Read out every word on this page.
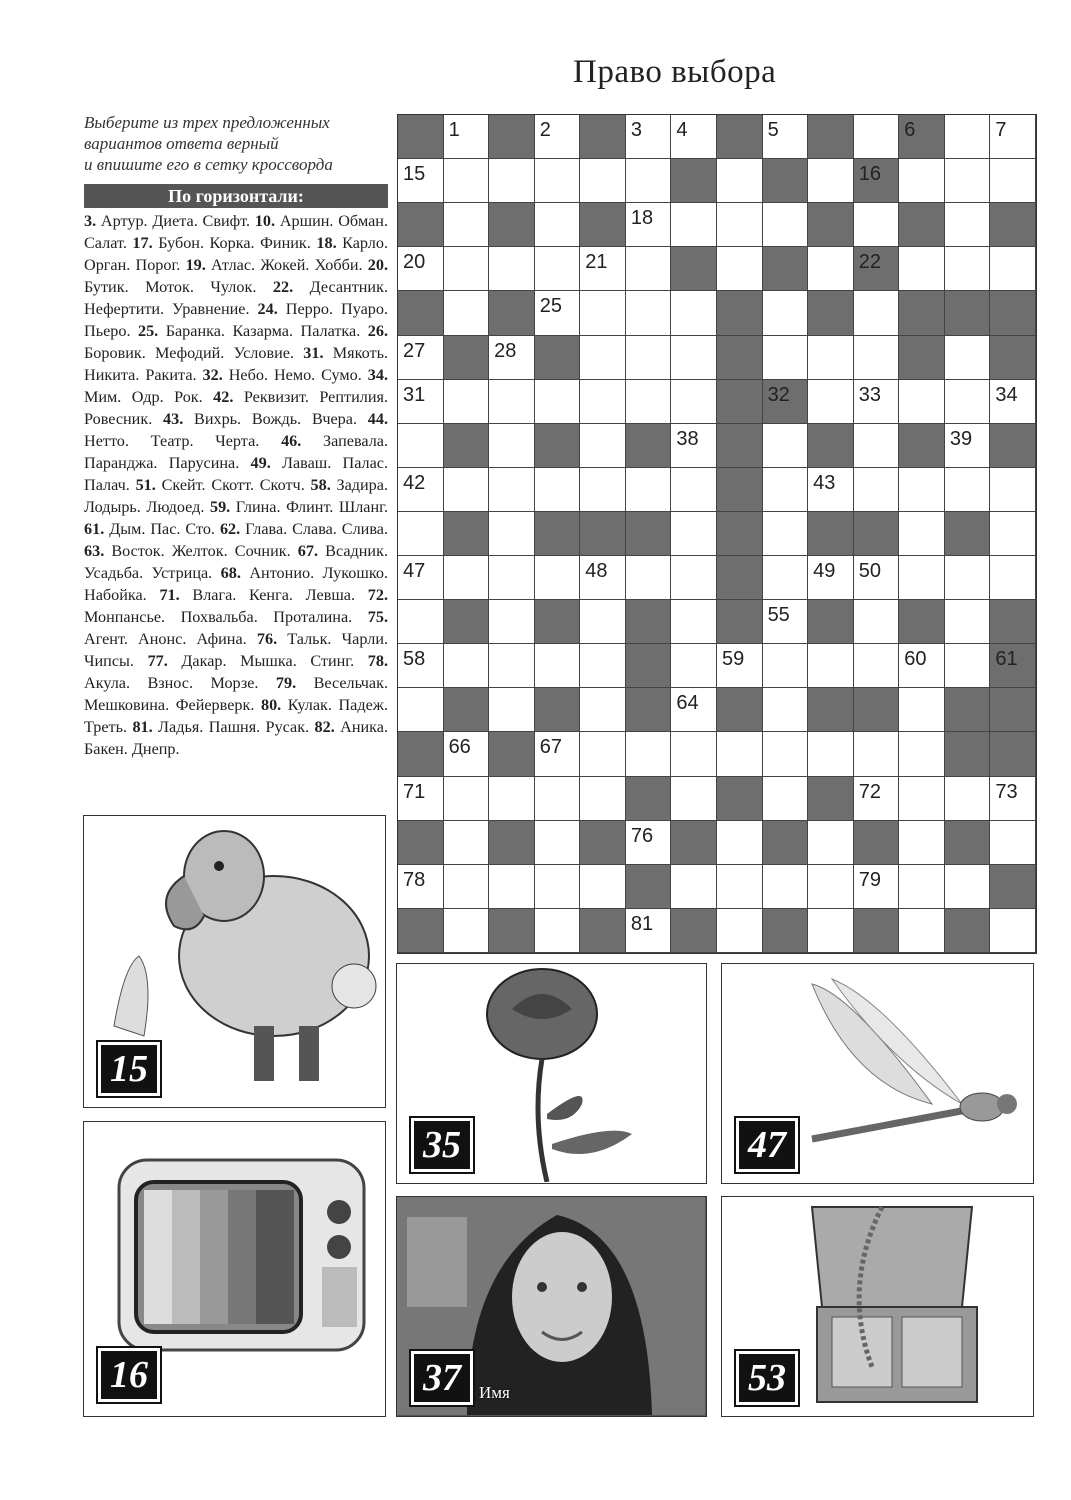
Право выбора
Выберите из трех предложенных
вариантов ответа верный
и впишите его в сетку кроссворда
По горизонтали:
3. Артур. Диета. Свифт. 10. Аршин. Обман. Салат. 17. Бубон. Корка. Финик. 18. Карло. Орган. Порог. 19. Атлас. Жокей. Хобби. 20. Бутик. Моток. Чулок. 22. Десантник. Нефертити. Уравнение. 24. Перро. Пуаро. Пьеро. 25. Баранка. Казарма. Палатка. 26. Боровик. Мефодий. Условие. 31. Мякоть. Никита. Ракита. 32. Небо. Немо. Сумо. 34. Мим. Одр. Рок. 42. Реквизит. Рептилия. Ровесник. 43. Вихрь. Вождь. Вчера. 44. Нетто. Театр. Черта. 46. Запевала. Паранджа. Парусина. 49. Лаваш. Палас. Палач. 51. Скейт. Скотт. Скотч. 58. Задира. Лодырь. Людоед. 59. Глина. Флинт. Шланг. 61. Дым. Пас. Сто. 62. Глава. Слава. Слива. 63. Восток. Желток. Сочник. 67. Всадник. Усадьба. Устрица. 68. Антонио. Лукошко. Набойка. 71. Влага. Кенга. Левша. 72. Монпансье. Похвальба. Проталина. 75. Агент. Анонс. Афина. 76. Тальк. Чарли. Чипсы. 77. Дакар. Мышка. Стинг. 78. Акула. Взнос. Морзе. 79. Весельчак. Мешковина. Фейерверк. 80. Кулак. Падеж. Треть. 81. Ладья. Пашня. Русак. 82. Аника. Бакен. Днепр.
1	2	3 4	5	6	7
15	16
18
20	21	22
25
27	28
31	32	33	34
38	39
42	43
47	48	49 50
55
58	59	60	61
64
66	67
71	72	73
76
78	79
81
15
16
35	47
37	Имя	53
